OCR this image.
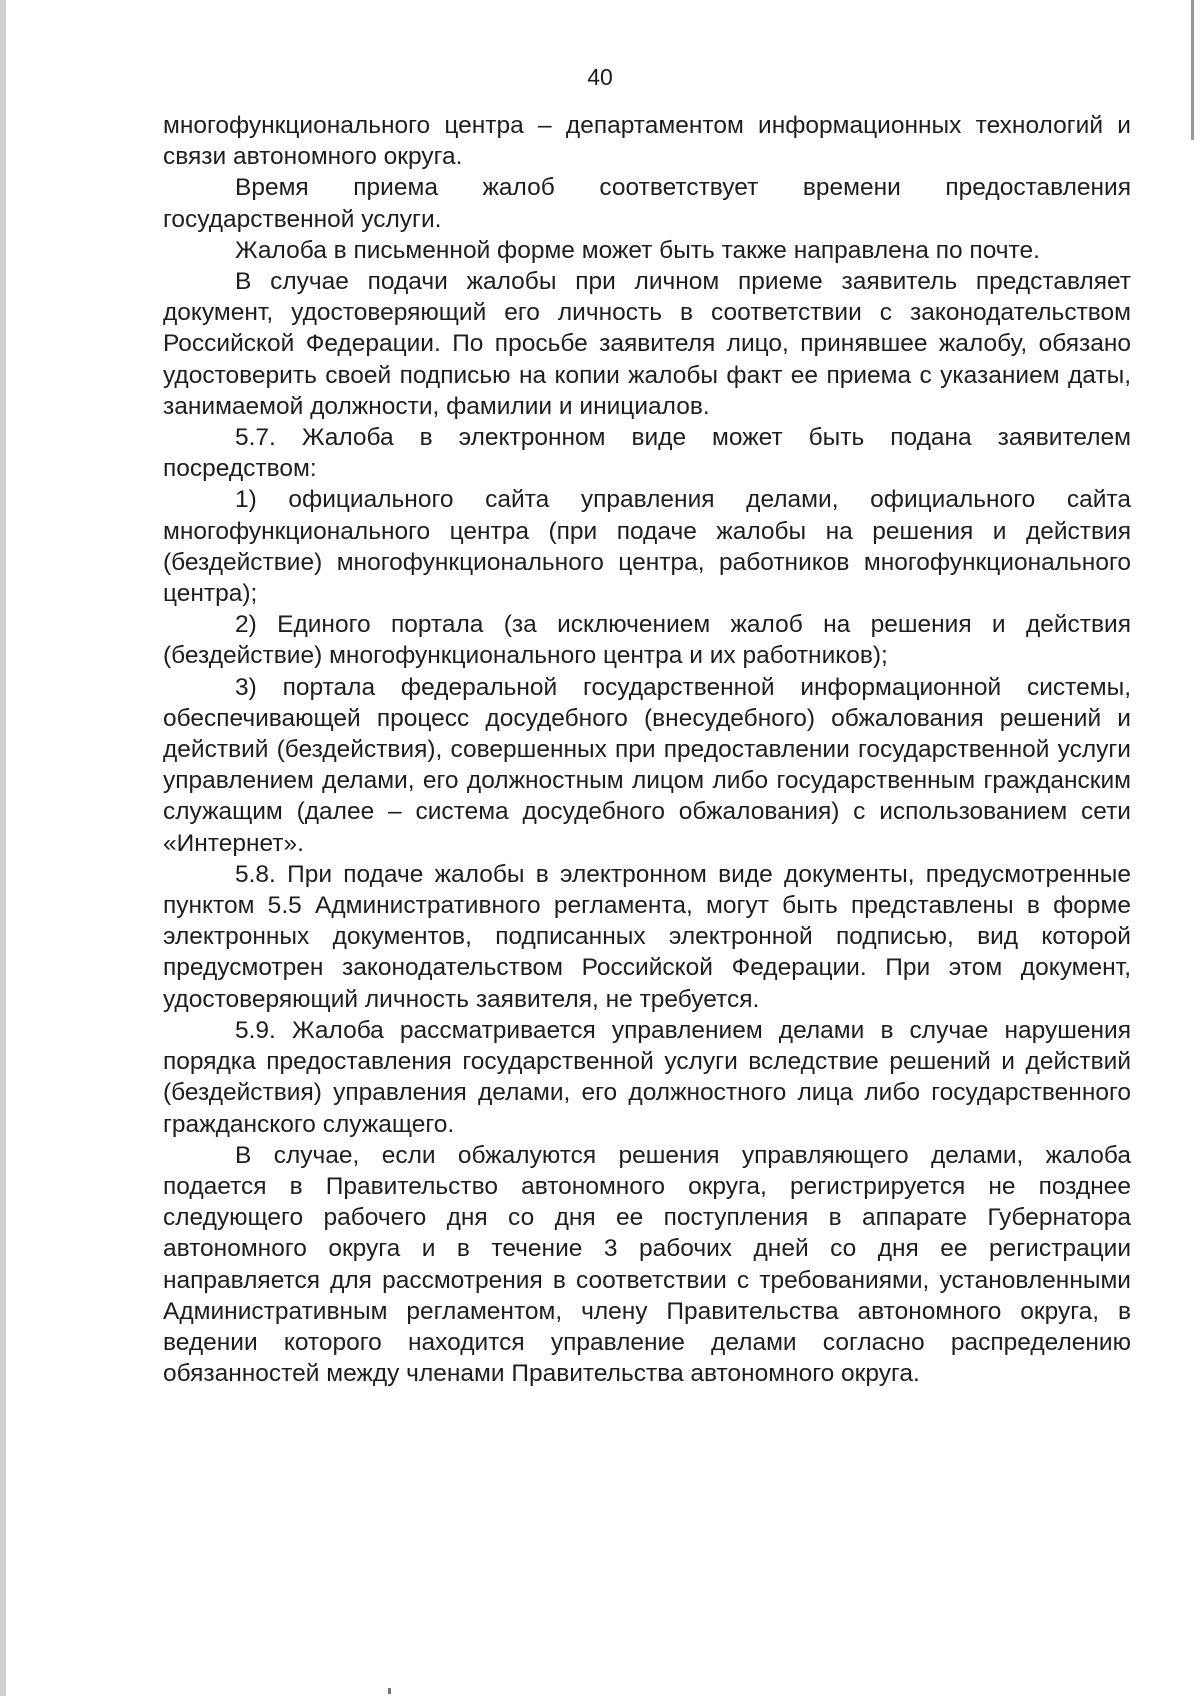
40

многофункционального центра – департаментом информационных технологий и связи автономного округа.

Время приема жалоб соответствует времени предоставления государственной услуги.

Жалоба в письменной форме может быть также направлена по почте.

В случае подачи жалобы при личном приеме заявитель представляет документ, удостоверяющий его личность в соответствии с законодательством Российской Федерации. По просьбе заявителя лицо, принявшее жалобу, обязано удостоверить своей подписью на копии жалобы факт ее приема с указанием даты, занимаемой должности, фамилии и инициалов.

5.7. Жалоба в электронном виде может быть подана заявителем посредством:

1) официального сайта управления делами, официального сайта многофункционального центра (при подаче жалобы на решения и действия (бездействие) многофункционального центра, работников многофункционального центра);

2) Единого портала (за исключением жалоб на решения и действия (бездействие) многофункционального центра и их работников);

3) портала федеральной государственной информационной системы, обеспечивающей процесс досудебного (внесудебного) обжалования решений и действий (бездействия), совершенных при предоставлении государственной услуги управлением делами, его должностным лицом либо государственным гражданским служащим (далее – система досудебного обжалования) с использованием сети «Интернет».

5.8. При подаче жалобы в электронном виде документы, предусмотренные пунктом 5.5 Административного регламента, могут быть представлены в форме электронных документов, подписанных электронной подписью, вид которой предусмотрен законодательством Российской Федерации. При этом документ, удостоверяющий личность заявителя, не требуется.

5.9. Жалоба рассматривается управлением делами в случае нарушения порядка предоставления государственной услуги вследствие решений и действий (бездействия) управления делами, его должностного лица либо государственного гражданского служащего.

В случае, если обжалуются решения управляющего делами, жалоба подается в Правительство автономного округа, регистрируется не позднее следующего рабочего дня со дня ее поступления в аппарате Губернатора автономного округа и в течение 3 рабочих дней со дня ее регистрации направляется для рассмотрения в соответствии с требованиями, установленными Административным регламентом, члену Правительства автономного округа, в ведении которого находится управление делами согласно распределению обязанностей между членами Правительства автономного округа.
